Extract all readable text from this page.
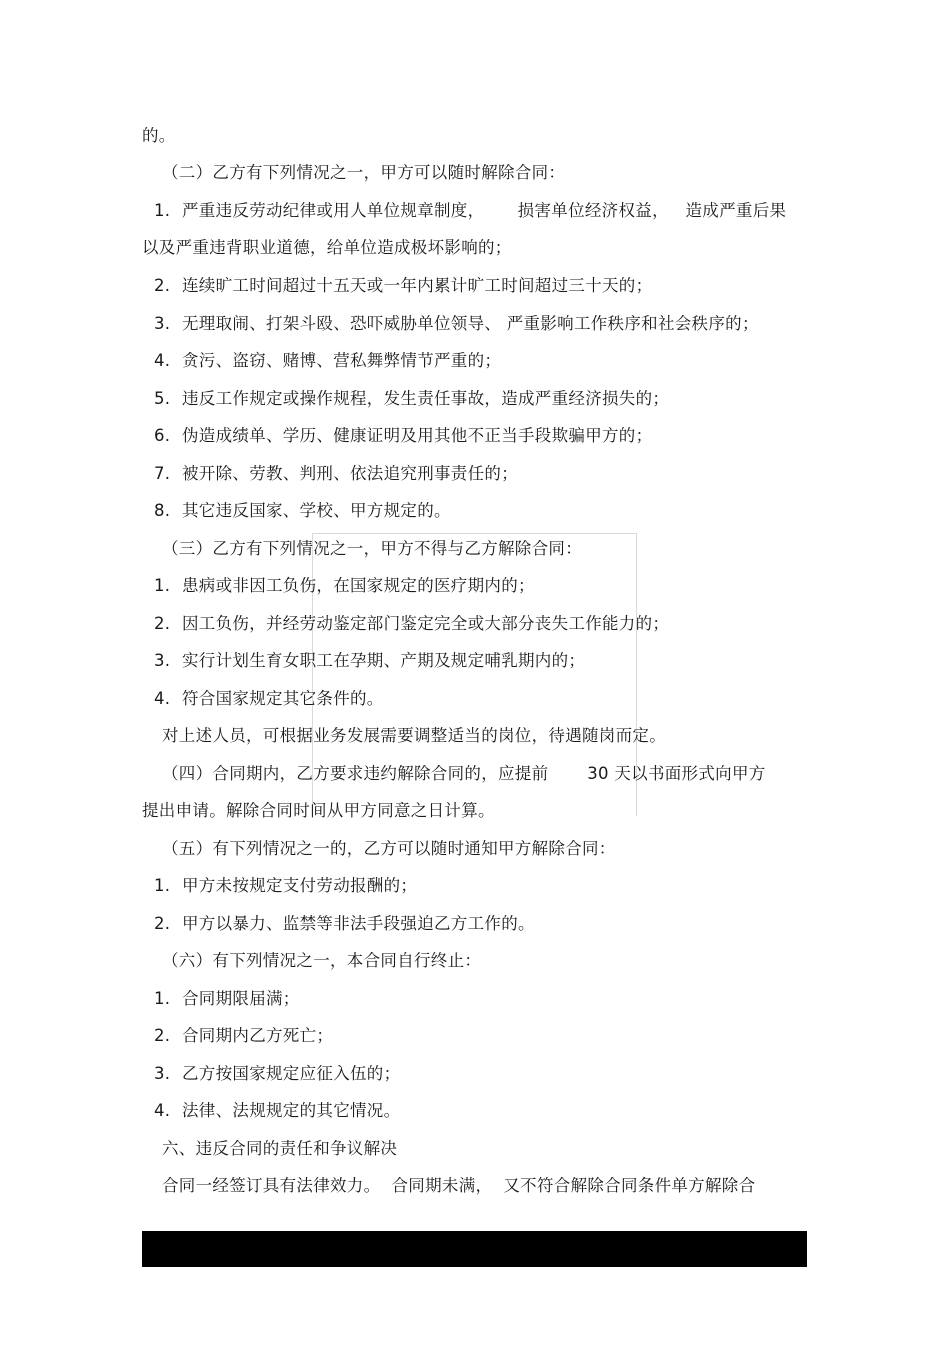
的。
（二）乙方有下列情况之一，甲方可以随时解除合同：
1. 严重违反劳动纪律或用人单位规章制度，      损害单位经济权益，   造成严重后果
以及严重违背职业道德，给单位造成极坏影响的；
2. 连续旷工时间超过十五天或一年内累计旷工时间超过三十天的；
3. 无理取闹、打架斗殴、恐吓威胁单位领导、 严重影响工作秩序和社会秩序的；
4. 贪污、盗窃、赌博、营私舞弊情节严重的；
5. 违反工作规定或操作规程，发生责任事故，造成严重经济损失的；
6. 伪造成绩单、学历、健康证明及用其他不正当手段欺骗甲方的；
7. 被开除、劳教、判刑、依法追究刑事责任的；
8. 其它违反国家、学校、甲方规定的。
（三）乙方有下列情况之一，甲方不得与乙方解除合同：
1. 患病或非因工负伤，在国家规定的医疗期内的；
2. 因工负伤，并经劳动鉴定部门鉴定完全或大部分丧失工作能力的；
3. 实行计划生育女职工在孕期、产期及规定哺乳期内的；
4. 符合国家规定其它条件的。
对上述人员，可根据业务发展需要调整适当的岗位，待遇随岗而定。
（四）合同期内，乙方要求违约解除合同的，应提前       30 天以书面形式向甲方
提出申请。解除合同时间从甲方同意之日计算。
（五）有下列情况之一的，乙方可以随时通知甲方解除合同：
1. 甲方未按规定支付劳动报酬的；
2. 甲方以暴力、监禁等非法手段强迫乙方工作的。
（六）有下列情况之一，本合同自行终止：
1. 合同期限届满；
2. 合同期内乙方死亡；
3. 乙方按国家规定应征入伍的；
4. 法律、法规规定的其它情况。
六、违反合同的责任和争议解决
合同一经签订具有法律效力。  合同期未满，  又不符合解除合同条件单方解除合
